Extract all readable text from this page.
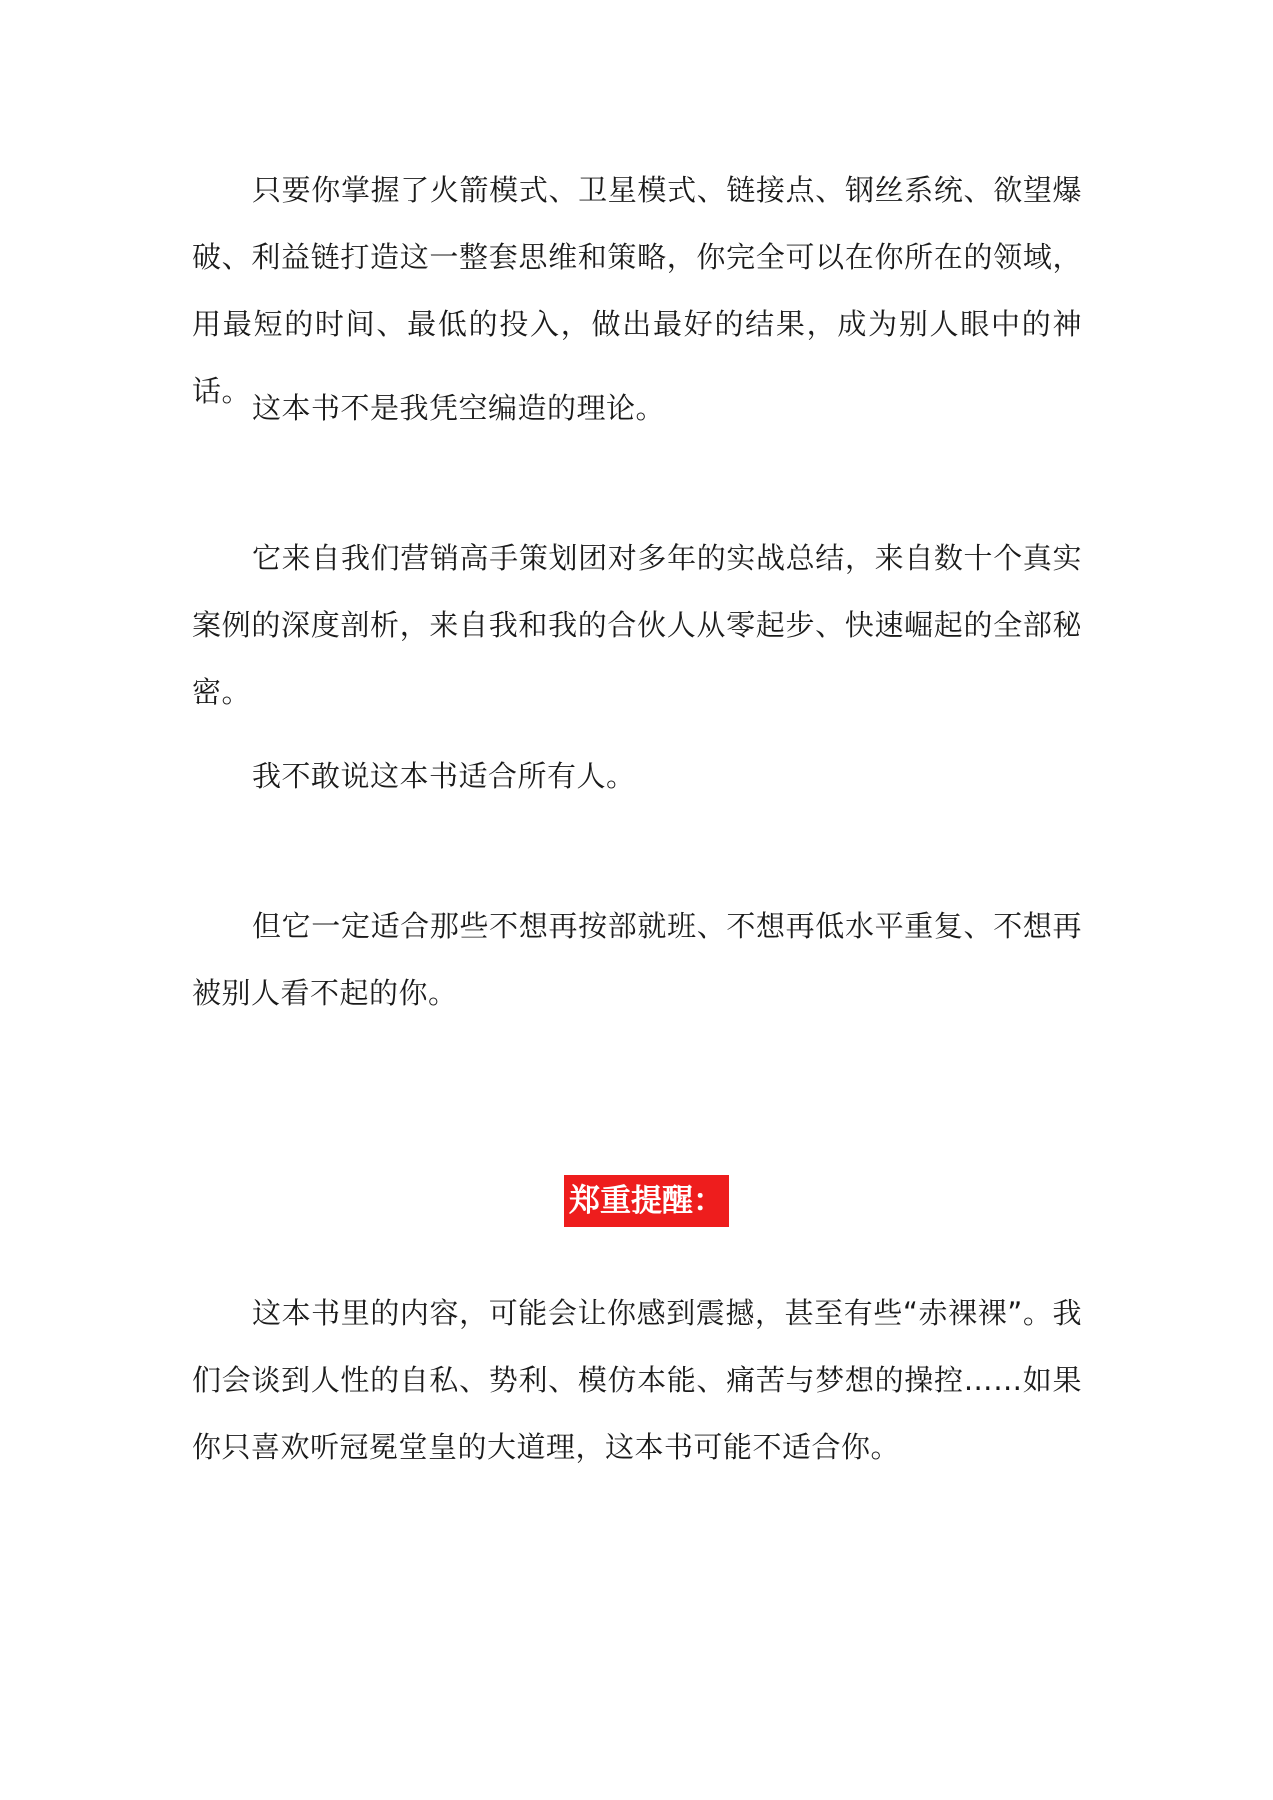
只要你掌握了火箭模式、卫星模式、链接点、钢丝系统、欲望爆破、利益链打造这一整套思维和策略，你完全可以在你所在的领域，用最短的时间、最低的投入，做出最好的结果，成为别人眼中的神话。 这本书不是我凭空编造的理论。

它来自我们营销高手策划团对多年的实战总结，来自数十个真实案例的深度剖析，来自我和我的合伙人从零起步、快速崛起的全部秘密。

我不敢说这本书适合所有人。

但它一定适合那些不想再按部就班、不想再低水平重复、不想再被别人看不起的你。

郑重提醒：

这本书里的内容，可能会让你感到震撼，甚至有些“赤裸裸”。我们会谈到人性的自私、势利、模仿本能、痛苦与梦想的操控……如果你只喜欢听冠冕堂皇的大道理，这本书可能不适合你。
